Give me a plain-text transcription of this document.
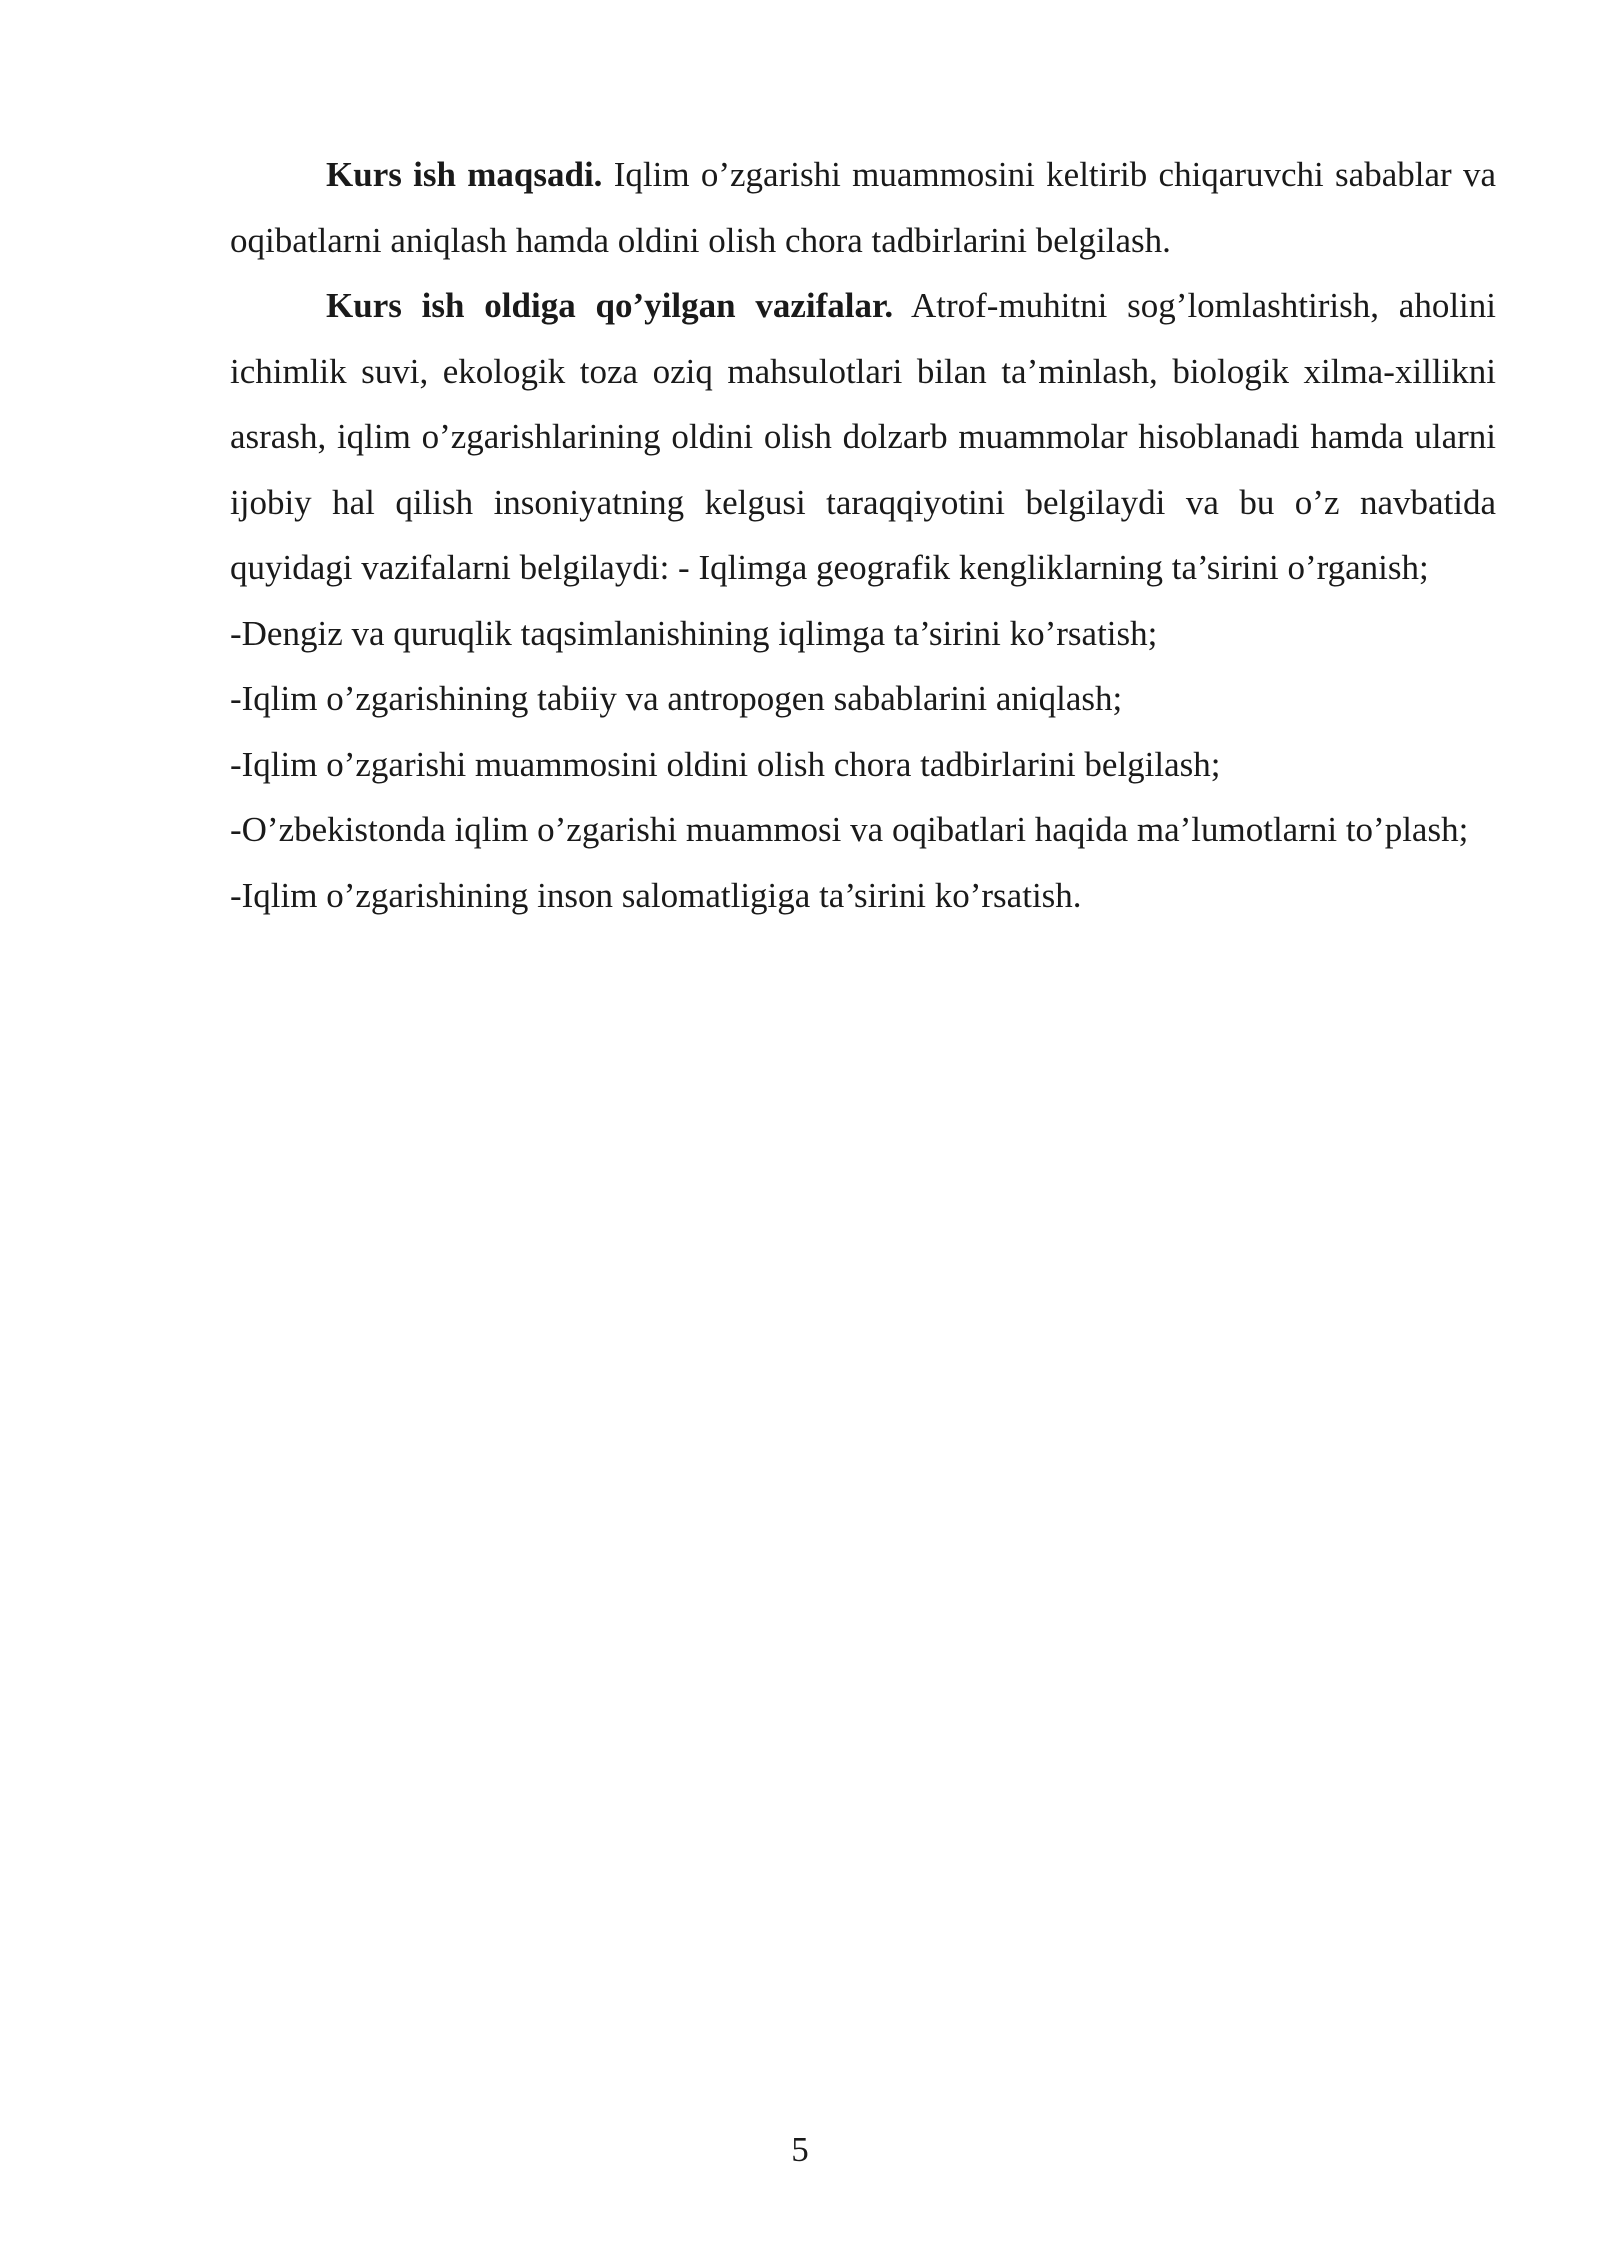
Kurs ish maqsadi. Iqlim o’zgarishi muammosini keltirib chiqaruvchi sabablar va oqibatlarni aniqlash hamda oldini olish chora tadbirlarini belgilash.

Kurs ish oldiga qo’yilgan vazifalar. Atrof-muhitni sog’lomlashtirish, aholini ichimlik suvi, ekologik toza oziq mahsulotlari bilan ta’minlash, biologik xilma-xillikni asrash, iqlim o’zgarishlarining oldini olish dolzarb muammolar hisoblanadi hamda ularni ijobiy hal qilish insoniyatning kelgusi taraqqiyotini belgilaydi va bu o’z navbatida quyidagi vazifalarni belgilaydi: - Iqlimga geografik kengliklarning ta’sirini o’rganish;

-Dengiz va quruqlik taqsimlanishining iqlimga ta’sirini ko’rsatish;

-Iqlim o’zgarishining tabiiy va antropogen sabablarini aniqlash;

-Iqlim o’zgarishi muammosini oldini olish chora tadbirlarini belgilash;

-O’zbekistonda iqlim o’zgarishi muammosi va oqibatlari haqida ma’lumotlarni to’plash;

-Iqlim o’zgarishining inson salomatligiga ta’sirini ko’rsatish.

5
